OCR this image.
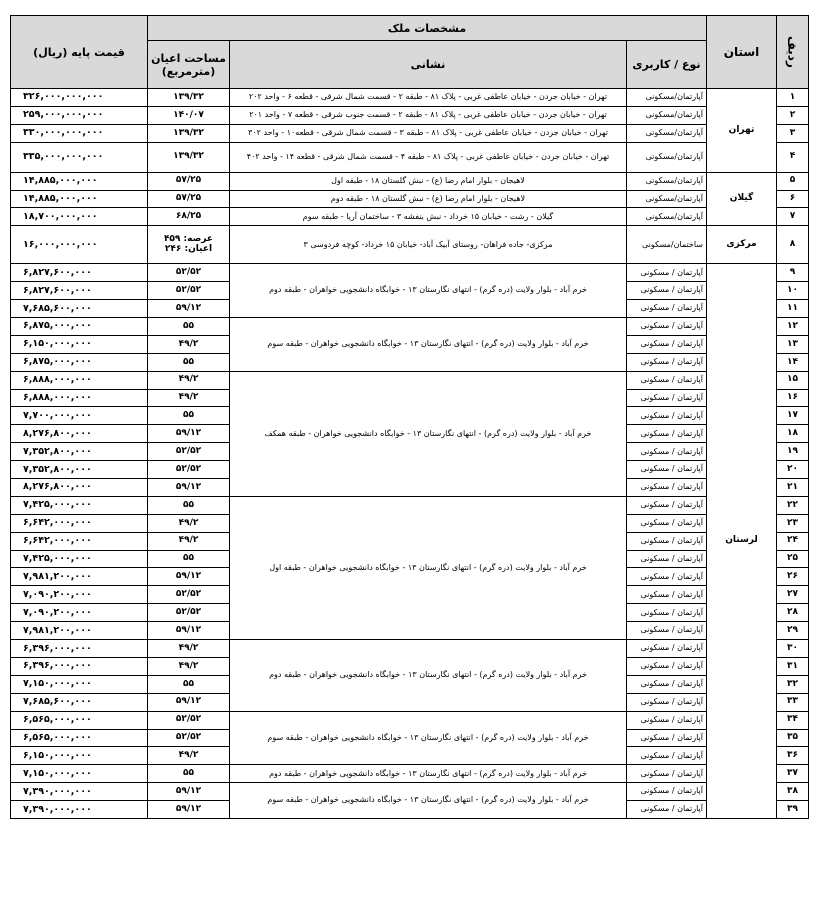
ردیف	استان	مشخصات ملک			قیمت پایه (ریال)
		نوع / کاربری	نشانی	مساحت اعیان
(مترمربع)	

۱	تهران	آپارتمان/مسکونی	تهران - خیابان جردن - خیابان عاطفی غربی - پلاک ۸۱ - طبقه ۲ - قسمت شمال شرقی - قطعه ۶ - واحد ۲۰۲	۱۳۹/۳۲	۳۲۶,۰۰۰,۰۰۰,۰۰۰
۲		آپارتمان/مسکونی	تهران - خیابان جردن - خیابان عاطفی غربی - پلاک ۸۱ - طبقه ۲ - قسمت جنوب شرقی - قطعه ۷ - واحد ۲۰۱	۱۴۰/۰۷	۲۵۹,۰۰۰,۰۰۰,۰۰۰
۳		آپارتمان/مسکونی	تهران - خیابان جردن - خیابان عاطفی غربی - پلاک ۸۱ - طبقه ۳ - قسمت شمال شرقی - قطعه۱۰ - واحد ۳۰۲	۱۳۹/۳۲	۳۳۰,۰۰۰,۰۰۰,۰۰۰
۴		آپارتمان/مسکونی	تهران - خیابان جردن - خیابان عاطفی غربی - پلاک ۸۱ - طبقه ۴ - قسمت شمال شرقی - قطعه ۱۴ - واحد ۴۰۲	۱۳۹/۳۲	۳۳۵,۰۰۰,۰۰۰,۰۰۰
۵	گیلان	آپارتمان/مسکونی	لاهیجان - بلوار امام رضا (ع) - نبش گلستان ۱۸ - طبقه اول	۵۷/۲۵	۱۴,۸۸۵,۰۰۰,۰۰۰
۶		آپارتمان/مسکونی	لاهیجان - بلوار امام رضا (ع) - نبش گلستان ۱۸ - طبقه دوم	۵۷/۲۵	۱۴,۸۸۵,۰۰۰,۰۰۰
۷		آپارتمان/مسکونی	گیلان - رشت - خیابان ۱۵ خرداد - نبش بنفشه ۳ - ساختمان آریا - طبقه سوم	۶۸/۲۵	۱۸,۷۰۰,۰۰۰,۰۰۰
۸	مرکزی	ساختمان/مسکونی	مرکزی- جاده فراهان- روستای آبیک آباد- خیابان ۱۵ خرداد- کوچه فردوسی ۳	عرصه: ۴۵۹
اعیان: ۲۴۶	۱۶,۰۰۰,۰۰۰,۰۰۰
۹	لرستان	آپارتمان / مسکونی	خرم آباد - بلوار ولایت (دره گرم) - انتهای نگارستان ۱۳ - خوابگاه دانشجویی خواهران - طبقه دوم	۵۲/۵۲	۶,۸۲۷,۶۰۰,۰۰۰
۱۰		آپارتمان / مسکونی		۵۲/۵۲	۶,۸۲۷,۶۰۰,۰۰۰
۱۱		آپارتمان / مسکونی		۵۹/۱۲	۷,۶۸۵,۶۰۰,۰۰۰
۱۲		آپارتمان / مسکونی	خرم آباد - بلوار ولایت (دره گرم) - انتهای نگارستان ۱۳ - خوابگاه دانشجویی خواهران - طبقه سوم	۵۵	۶,۸۷۵,۰۰۰,۰۰۰
۱۳		آپارتمان / مسکونی		۴۹/۲	۶,۱۵۰,۰۰۰,۰۰۰
۱۴		آپارتمان / مسکونی		۵۵	۶,۸۷۵,۰۰۰,۰۰۰
۱۵		آپارتمان / مسکونی	خرم آباد - بلوار ولایت (دره گرم) - انتهای نگارستان ۱۳ - خوابگاه دانشجویی خواهران - طبقه همکف	۴۹/۲	۶,۸۸۸,۰۰۰,۰۰۰
۱۶		آپارتمان / مسکونی		۴۹/۲	۶,۸۸۸,۰۰۰,۰۰۰
۱۷		آپارتمان / مسکونی		۵۵	۷,۷۰۰,۰۰۰,۰۰۰
۱۸		آپارتمان / مسکونی		۵۹/۱۲	۸,۲۷۶,۸۰۰,۰۰۰
۱۹		آپارتمان / مسکونی		۵۲/۵۲	۷,۳۵۲,۸۰۰,۰۰۰
۲۰		آپارتمان / مسکونی		۵۲/۵۲	۷,۳۵۲,۸۰۰,۰۰۰
۲۱		آپارتمان / مسکونی		۵۹/۱۲	۸,۲۷۶,۸۰۰,۰۰۰
۲۲		آپارتمان / مسکونی	خرم آباد - بلوار ولایت (دره گرم) - انتهای نگارستان ۱۳ - خوابگاه دانشجویی خواهران - طبقه اول	۵۵	۷,۴۲۵,۰۰۰,۰۰۰
۲۳		آپارتمان / مسکونی		۴۹/۲	۶,۶۴۲,۰۰۰,۰۰۰
۲۴		آپارتمان / مسکونی		۴۹/۲	۶,۶۴۲,۰۰۰,۰۰۰
۲۵		آپارتمان / مسکونی		۵۵	۷,۴۲۵,۰۰۰,۰۰۰
۲۶		آپارتمان / مسکونی		۵۹/۱۲	۷,۹۸۱,۲۰۰,۰۰۰
۲۷		آپارتمان / مسکونی		۵۲/۵۲	۷,۰۹۰,۲۰۰,۰۰۰
۲۸		آپارتمان / مسکونی		۵۲/۵۲	۷,۰۹۰,۲۰۰,۰۰۰
۲۹		آپارتمان / مسکونی		۵۹/۱۲	۷,۹۸۱,۲۰۰,۰۰۰
۳۰		آپارتمان / مسکونی	خرم آباد - بلوار ولایت (دره گرم) - انتهای نگارستان ۱۳ - خوابگاه دانشجویی خواهران - طبقه دوم	۴۹/۲	۶,۳۹۶,۰۰۰,۰۰۰
۳۱		آپارتمان / مسکونی		۴۹/۲	۶,۳۹۶,۰۰۰,۰۰۰
۳۲		آپارتمان / مسکونی		۵۵	۷,۱۵۰,۰۰۰,۰۰۰
۳۳		آپارتمان / مسکونی		۵۹/۱۲	۷,۶۸۵,۶۰۰,۰۰۰
۳۴		آپارتمان / مسکونی	خرم آباد - بلوار ولایت (دره گرم) - انتهای نگارستان ۱۳ - خوابگاه دانشجویی خواهران - طبقه سوم	۵۲/۵۲	۶,۵۶۵,۰۰۰,۰۰۰
۳۵		آپارتمان / مسکونی		۵۲/۵۲	۶,۵۶۵,۰۰۰,۰۰۰
۳۶		آپارتمان / مسکونی		۴۹/۲	۶,۱۵۰,۰۰۰,۰۰۰
۳۷		آپارتمان / مسکونی	خرم آباد - بلوار ولایت (دره گرم) - انتهای نگارستان ۱۳ - خوابگاه دانشجویی خواهران - طبقه دوم	۵۵	۷,۱۵۰,۰۰۰,۰۰۰
۳۸		آپارتمان / مسکونی	خرم آباد - بلوار ولایت (دره گرم) - انتهای نگارستان ۱۳ - خوابگاه دانشجویی خواهران - طبقه سوم	۵۹/۱۲	۷,۳۹۰,۰۰۰,۰۰۰
۳۹		آپارتمان / مسکونی		۵۹/۱۲	۷,۳۹۰,۰۰۰,۰۰۰
